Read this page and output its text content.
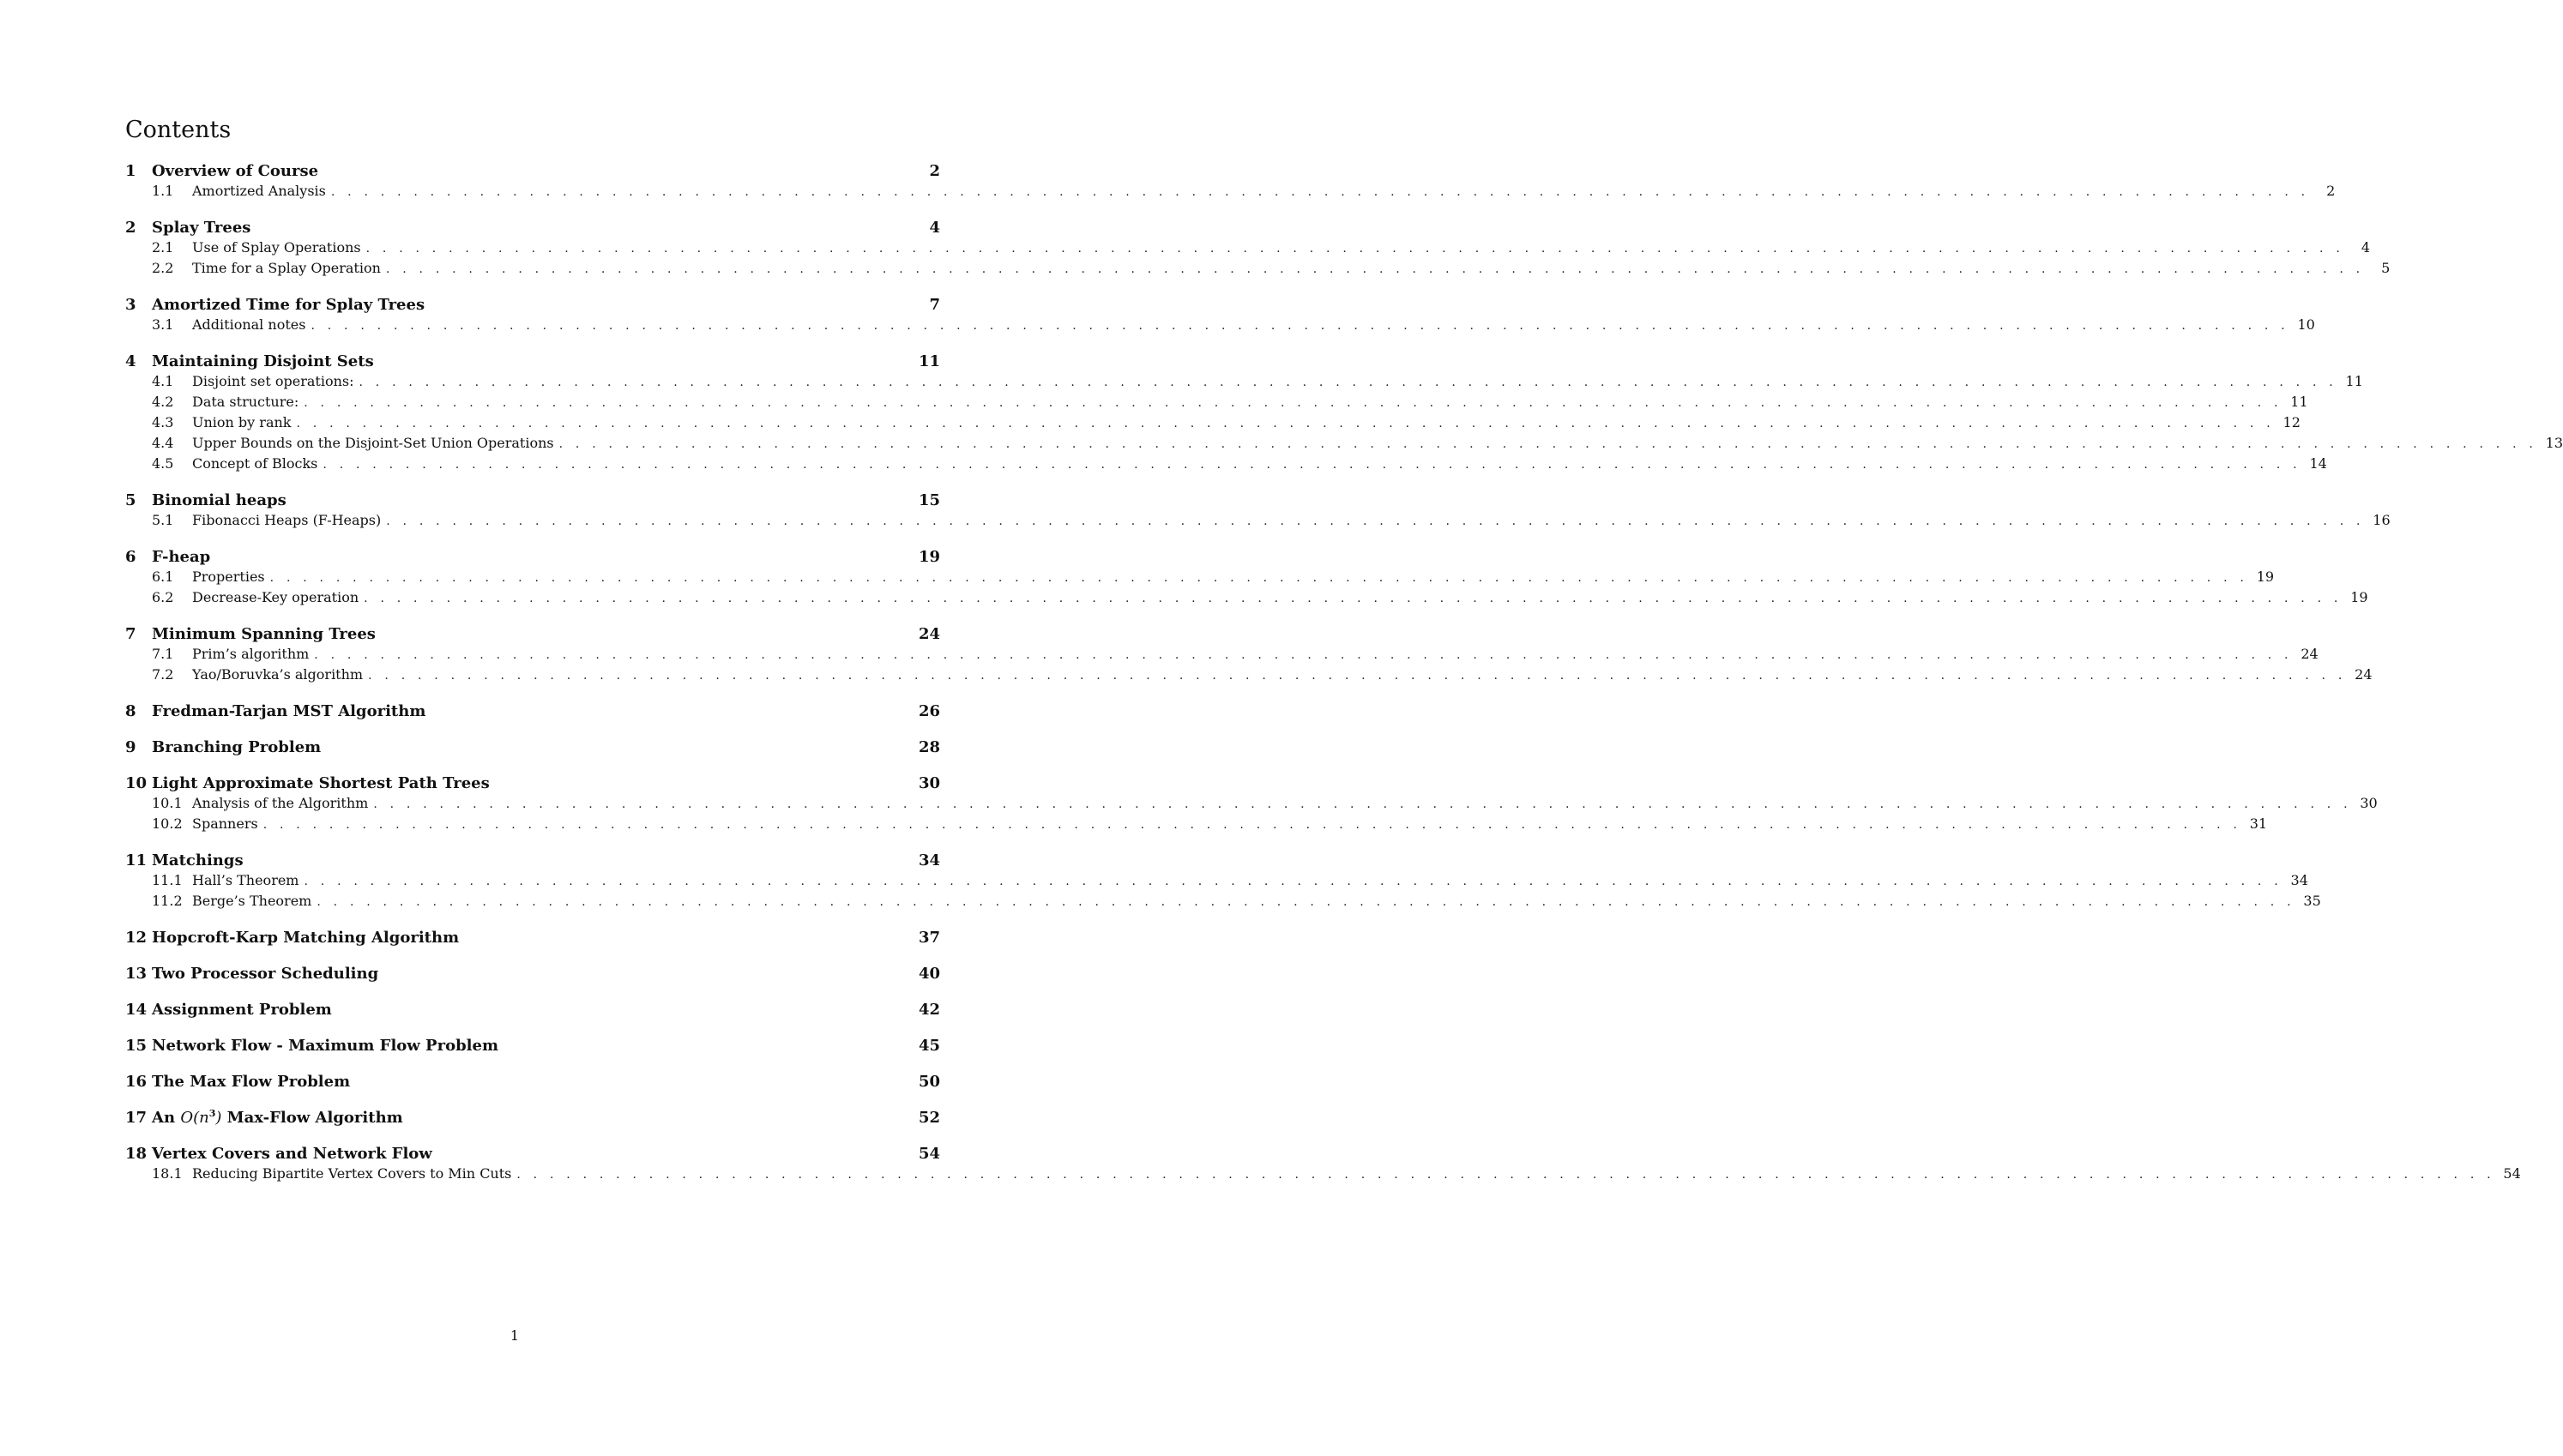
Contents
1	Overview of Course	2
1.1	Amortized Analysis . . . . . . . . . . . . . . . . . . . . . . . . . . . . . . . . . . . . . . . . . . . . . . . . . . . . . . . . . . . . . . . . . . . . . . . . . . . . . . . . . . . . . . . . . . . . . . . . . . . . . . . . . . . . . . . . . . . . . . . .	2
2	Splay Trees	4
2.1	Use of Splay Operations . . . . . . . . . . . . . . . . . . . . . . . . . . . . . . . . . . . . . . . . . . . . . . . . . . . . . . . . . . . . . . . . . . . . . . . . . . . . . . . . . . . . . . . . . . . . . . . . . . . . . . . . . . . . . . . . . . . . . . . .	4
2.2	Time for a Splay Operation . . . . . . . . . . . . . . . . . . . . . . . . . . . . . . . . . . . . . . . . . . . . . . . . . . . . . . . . . . . . . . . . . . . . . . . . . . . . . . . . . . . . . . . . . . . . . . . . . . . . . . . . . . . . . . . . . . . . . . . .	5
3	Amortized Time for Splay Trees	7
3.1	Additional notes . . . . . . . . . . . . . . . . . . . . . . . . . . . . . . . . . . . . . . . . . . . . . . . . . . . . . . . . . . . . . . . . . . . . . . . . . . . . . . . . . . . . . . . . . . . . . . . . . . . . . . . . . . . . . . . . . . . . . . . . 10
4	Maintaining Disjoint Sets	11
4.1	Disjoint set operations: . . . . . . . . . . . . . . . . . . . . . . . . . . . . . . . . . . . . . . . . . . . . . . . . . . . . . . . . . . . . . . . . . . . . . . . . . . . . . . . . . . . . . . . . . . . . . . . . . . . . . . . . . . . . . . . . . . . . . . . . 11
4.2	Data structure: . . . . . . . . . . . . . . . . . . . . . . . . . . . . . . . . . . . . . . . . . . . . . . . . . . . . . . . . . . . . . . . . . . . . . . . . . . . . . . . . . . . . . . . . . . . . . . . . . . . . . . . . . . . . . . . . . . . . . . . . 11
4.3	Union by rank . . . . . . . . . . . . . . . . . . . . . . . . . . . . . . . . . . . . . . . . . . . . . . . . . . . . . . . . . . . . . . . . . . . . . . . . . . . . . . . . . . . . . . . . . . . . . . . . . . . . . . . . . . . . . . . . . . . . . . . . 12
4.4	Upper Bounds on the Disjoint-Set Union Operations . . . . . . . . . . . . . . . . . . . . . . . . . . . . . . . . . . . . . . . . . . . . . . . . . . . . . . . . . . . . . . . . . . . . . . . . . . . . . . . . . . . . . . . . . . . . . . . . . . . . . . . . . . . . . . . . . . . . . . . . 13
4.5	Concept of Blocks . . . . . . . . . . . . . . . . . . . . . . . . . . . . . . . . . . . . . . . . . . . . . . . . . . . . . . . . . . . . . . . . . . . . . . . . . . . . . . . . . . . . . . . . . . . . . . . . . . . . . . . . . . . . . . . . . . . . . . . . 14
5	Binomial heaps	15
5.1	Fibonacci Heaps (F-Heaps) . . . . . . . . . . . . . . . . . . . . . . . . . . . . . . . . . . . . . . . . . . . . . . . . . . . . . . . . . . . . . . . . . . . . . . . . . . . . . . . . . . . . . . . . . . . . . . . . . . . . . . . . . . . . . . . . . . . . . . . . 16
6	F-heap	19
6.1	Properties . . . . . . . . . . . . . . . . . . . . . . . . . . . . . . . . . . . . . . . . . . . . . . . . . . . . . . . . . . . . . . . . . . . . . . . . . . . . . . . . . . . . . . . . . . . . . . . . . . . . . . . . . . . . . . . . . . . . . . . . 19
6.2	Decrease-Key operation . . . . . . . . . . . . . . . . . . . . . . . . . . . . . . . . . . . . . . . . . . . . . . . . . . . . . . . . . . . . . . . . . . . . . . . . . . . . . . . . . . . . . . . . . . . . . . . . . . . . . . . . . . . . . . . . . . . . . . . . 19
7	Minimum Spanning Trees	24
7.1	Prim’s algorithm . . . . . . . . . . . . . . . . . . . . . . . . . . . . . . . . . . . . . . . . . . . . . . . . . . . . . . . . . . . . . . . . . . . . . . . . . . . . . . . . . . . . . . . . . . . . . . . . . . . . . . . . . . . . . . . . . . . . . . . . 24
7.2	Yao/Boruvka’s algorithm . . . . . . . . . . . . . . . . . . . . . . . . . . . . . . . . . . . . . . . . . . . . . . . . . . . . . . . . . . . . . . . . . . . . . . . . . . . . . . . . . . . . . . . . . . . . . . . . . . . . . . . . . . . . . . . . . . . . . . . . 24
8	Fredman-Tarjan MST Algorithm	26
9	Branching Problem	28
10 Light Approximate Shortest Path Trees	30
10.1 Analysis of the Algorithm . . . . . . . . . . . . . . . . . . . . . . . . . . . . . . . . . . . . . . . . . . . . . . . . . . . . . . . . . . . . . . . . . . . . . . . . . . . . . . . . . . . . . . . . . . . . . . . . . . . . . . . . . . . . . . . . . . . . . . . . 30
10.2 Spanners . . . . . . . . . . . . . . . . . . . . . . . . . . . . . . . . . . . . . . . . . . . . . . . . . . . . . . . . . . . . . . . . . . . . . . . . . . . . . . . . . . . . . . . . . . . . . . . . . . . . . . . . . . . . . . . . . . . . . . . . 31
11 Matchings	34
11.1 Hall’s Theorem . . . . . . . . . . . . . . . . . . . . . . . . . . . . . . . . . . . . . . . . . . . . . . . . . . . . . . . . . . . . . . . . . . . . . . . . . . . . . . . . . . . . . . . . . . . . . . . . . . . . . . . . . . . . . . . . . . . . . . . . 34
11.2 Berge’s Theorem . . . . . . . . . . . . . . . . . . . . . . . . . . . . . . . . . . . . . . . . . . . . . . . . . . . . . . . . . . . . . . . . . . . . . . . . . . . . . . . . . . . . . . . . . . . . . . . . . . . . . . . . . . . . . . . . . . . . . . . . 35
12 Hopcroft-Karp Matching Algorithm	37
13 Two Processor Scheduling	40
14 Assignment Problem	42
15 Network Flow - Maximum Flow Problem	45
16 The Max Flow Problem	50
17 An $O(n^3)$ Max-Flow Algorithm	52
18 Vertex Covers and Network Flow	54
18.1 Reducing Bipartite Vertex Covers to Min Cuts . . . . . . . . . . . . . . . . . . . . . . . . . . . . . . . . . . . . . . . . . . . . . . . . . . . . . . . . . . . . . . . . . . . . . . . . . . . . . . . . . . . . . . . . . . . . . . . . . . . . . . . . . . . . . . . . . . . . . . . . 54
1
